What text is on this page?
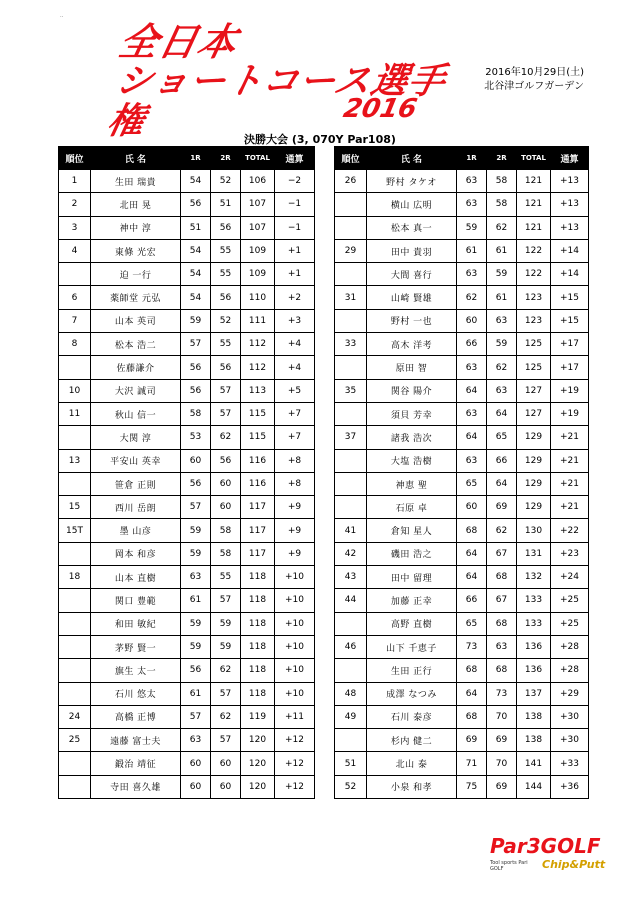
‥
全日本
ショートコース選手権	2016
2016年10月29日(土)
北谷津ゴルフガーデン
決勝大会 (3, 070Y Par108)
順位	氏 名	1R	2R	TOTAL	通算
1	生田 瑞貴	54	52	106	−2
2	北田 晃	56	51	107	−1
3	神中 淳	51	56	107	−1
4	東條 光宏	54	55	109	+1
	迫 一行	54	55	109	+1
6	薬師堂 元弘	54	56	110	+2
7	山本 英司	59	52	111	+3
8	松本 浩二	57	55	112	+4
	佐藤謙介	56	56	112	+4
10	大沢 誠司	56	57	113	+5
11	秋山 信一	58	57	115	+7
	大関 淳	53	62	115	+7
13	平安山 英幸	60	56	116	+8
	笹倉 正則	56	60	116	+8
15	西川 岳朗	57	60	117	+9
15T	墨 山彦	59	58	117	+9
	岡本 和彦	59	58	117	+9
18	山本 直樹	63	55	118	+10
	関口 豊範	61	57	118	+10
	和田 敏紀	59	59	118	+10
	茅野 賢一	59	59	118	+10
	旗生 太一	56	62	118	+10
	石川 悠太	61	57	118	+10
24	高橋 正博	57	62	119	+11
25	遠藤 富士夫	63	57	120	+12
	鍛治 靖征	60	60	120	+12
	寺田 喜久雄	60	60	120	+12
順位	氏 名	1R	2R	TOTAL	通算
26	野村 タケオ	63	58	121	+13
	横山 広明	63	58	121	+13
	松本 真一	59	62	121	+13
29	田中 貴羽	61	61	122	+14
	大間 喜行	63	59	122	+14
31	山崎 賢雄	62	61	123	+15
	野村 一也	60	63	123	+15
33	高木 洋考	66	59	125	+17
	原田 智	63	62	125	+17
35	関谷 陽介	64	63	127	+19
	須貝 芳幸	63	64	127	+19
37	諸我 浩次	64	65	129	+21
	大塩 浩樹	63	66	129	+21
	神恵 聖	65	64	129	+21
	石原 卓	60	69	129	+21
41	倉知 星人	68	62	130	+22
42	磯田 浩之	64	67	131	+23
43	田中 留理	64	68	132	+24
44	加藤 正幸	66	67	133	+25
	高野 直樹	65	68	133	+25
46	山下 千恵子	73	63	136	+28
	生田 正行	68	68	136	+28
48	成澤 なつみ	64	73	137	+29
49	石川 泰彦	68	70	138	+30
	杉内 健二	69	69	138	+30
51	北山 泰	71	70	141	+33
52	小泉 和孝	75	69	144	+36
Par3GOLF
Tool sports Pari GOLF	Chip&Putt
